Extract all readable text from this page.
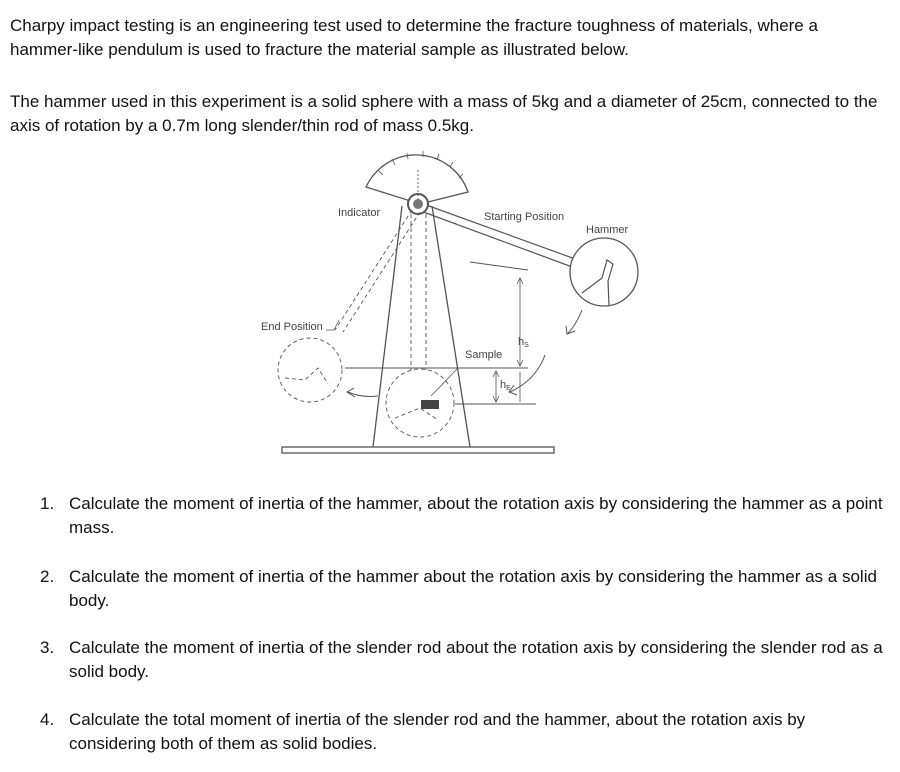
Charpy impact testing is an engineering test used to determine the fracture toughness of materials, where a hammer-like pendulum is used to fracture the material sample as illustrated below.

The hammer used in this experiment is a solid sphere with a mass of 5kg and a diameter of 25cm, connected to the axis of rotation by a 0.7m long slender/thin rod of mass 0.5kg.

Indicator	Starting Position
Hammer
End Position
Sample
hS
hE
1. Calculate the moment of inertia of the hammer, about the rotation axis by considering the hammer as a point mass.
2. Calculate the moment of inertia of the hammer about the rotation axis by considering the hammer as a solid body.
3. Calculate the moment of inertia of the slender rod about the rotation axis by considering the slender rod as a solid body.
4. Calculate the total moment of inertia of the slender rod and the hammer, about the rotation axis by considering both of them as solid bodies.
